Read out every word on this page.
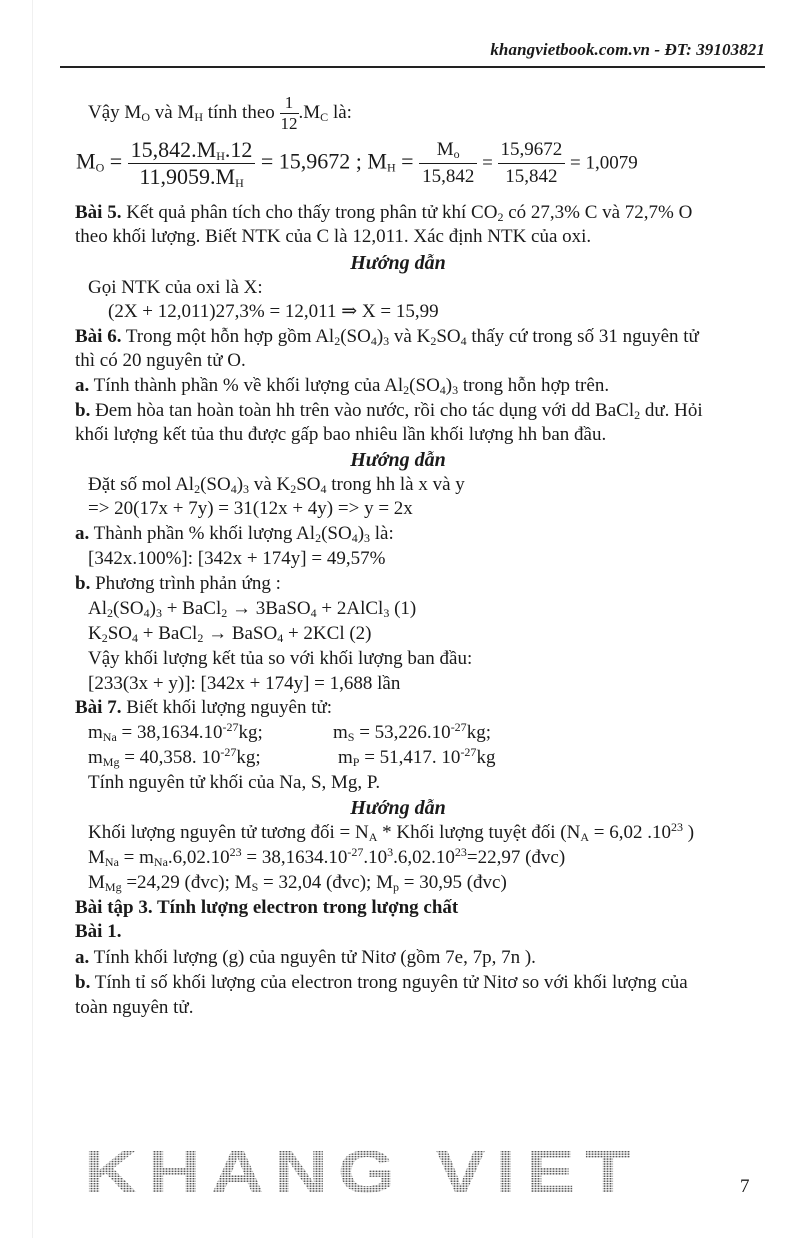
khangvietbook.com.vn - ĐT: 39103821
Vậy $M_O$ và $M_H$ tính theo $\frac{1}{12} .M_C$ là:
$M_O = \frac{15,842.M_H.12}{11,9059.M_H} = 15,9672$ ; $M_H = \frac{M_o}{15,842} = \frac{15,9672}{15,842} = 1,0079$
Bài 5. Kết quả phân tích cho thấy trong phân tử khí $CO_2$ có 27,3% C và 72,7% O
theo khối lượng. Biết NTK của C là 12,011. Xác định NTK của oxi.
Hướng dẫn
Gọi NTK của oxi là X:
(2X + 12,011)27,3% = 12,011 ⇒ X = 15,99
Bài 6. Trong một hỗn hợp gồm $Al_2(SO_4)_3$ và $K_2SO_4$ thấy cứ trong số 31 nguyên tử
thì có 20 nguyên tử O.
a. Tính thành phần % về khối lượng của $Al_2(SO_4)_3$ trong hỗn hợp trên.
b. Đem hòa tan hoàn toàn hh trên vào nước, rồi cho tác dụng với dd BaCl$_2$ dư. Hỏi
khối lượng kết tủa thu được gấp bao nhiêu lần khối lượng hh ban đầu.
Hướng dẫn
Đặt số mol $Al_2(SO_4)_3$ và $K_2SO_4$ trong hh là x và y
=> 20(17x + 7y) = 31(12x + 4y) => y = 2x
a. Thành phần % khối lượng $Al_2(SO_4)_3$ là:
[342x.100%]: [342x + 174y] = 49,57%
b. Phương trình phản ứng :
$Al_2(SO_4)_3$ + BaCl$_2$ → 3BaSO$_4$ + 2AlCl$_3$ (1)
$K_2SO_4$ + BaCl$_2$ → BaSO$_4$ + 2KCl (2)
Vậy khối lượng kết tủa so với khối lượng ban đầu:
[233(3x + y)]: [342x + 174y] = 1,688 lần
Bài 7. Biết khối lượng nguyên tử:
$m_{Na} = 38,1634.10^{-27}kg$;	$m_S = 53,226.10^{-27}kg$;
$m_{Mg} = 40,358$. $10^{-27}kg$;	$m_P = 51,417$. $10^{-27}kg$
Tính nguyên tử khối của Na, S, Mg, P.
Hướng dẫn
Khối lượng nguyên tử tương đối = $N_A$ * Khối lượng tuyệt đối ($N_A = 6,02$ $.10^{23}$ )
$M_{Na} = m_{Na}.6,02.10^{23} = 38,1634.10^{-27}.10^3.6,02.10^{23}=22,97$ (đvc)
$M_{Mg} =24,29$ (đvc); $M_S = 32,04$ (đvc); $M_p = 30,95$ (đvc)
Bài tập 3. Tính lượng electron trong lượng chất
Bài 1.
a. Tính khối lượng (g) của nguyên tử Nitơ (gồm 7e, 7p, 7n ).
b. Tính tỉ số khối lượng của electron trong nguyên tử Nitơ so với khối lượng của
toàn nguyên tử.
KHANG VIET	7
